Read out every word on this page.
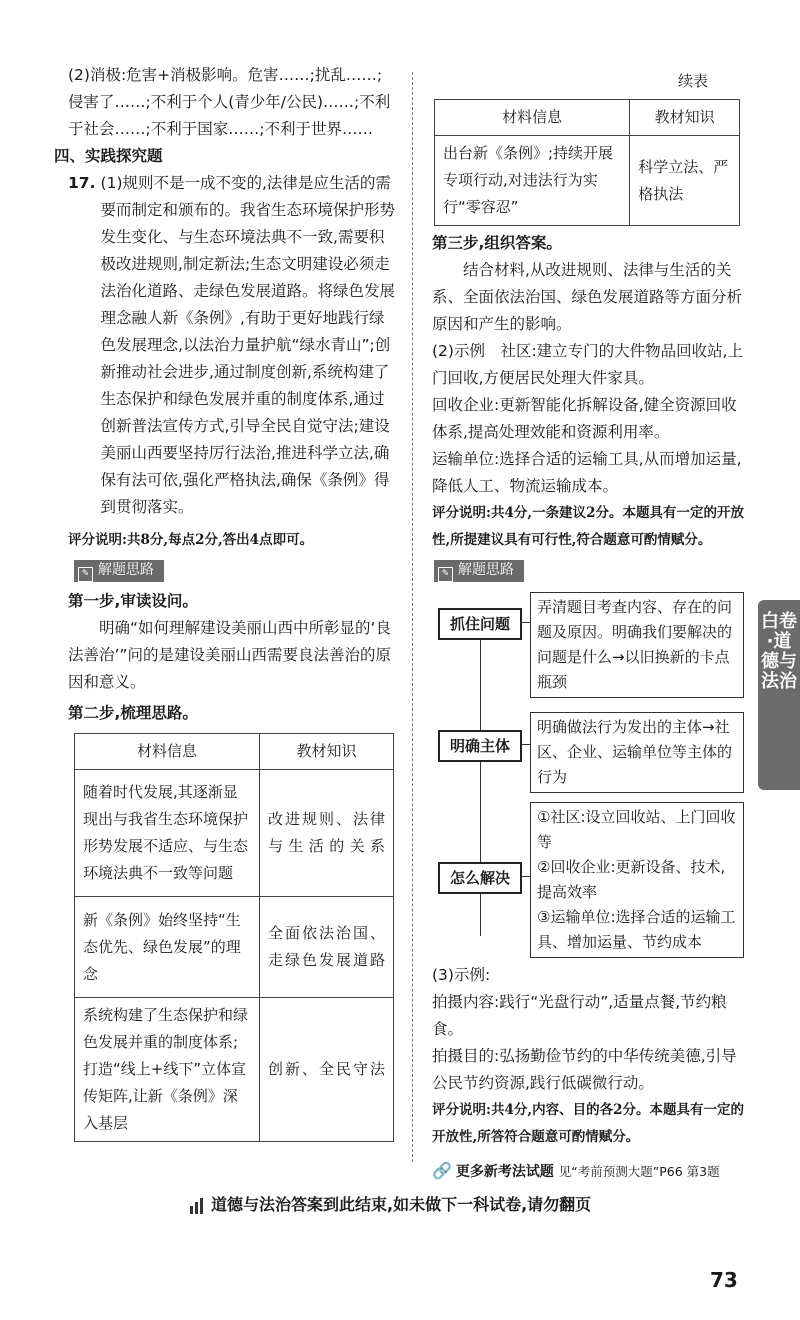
(2)消极:危害+消极影响。危害……;扰乱……;侵害了……;不利于个人(青少年/公民)……;不利于社会……;不利于国家……;不利于世界……

四、实践探究题

17. (1)规则不是一成不变的,法律是应生活的需要而制定和颁布的。我省生态环境保护形势发生变化、与生态环境法典不一致,需要积极改进规则,制定新法;生态文明建设必须走法治化道路、走绿色发展道路。将绿色发展理念融人新《条例》,有助于更好地践行绿色发展理念,以法治力量护航“绿水青山”;创新推动社会进步,通过制度创新,系统构建了生态保护和绿色发展并重的制度体系,通过创新普法宣传方式,引导全民自觉守法;建设美丽山西要坚持厉行法治,推进科学立法,确保有法可依,强化严格执法,确保《条例》得到贯彻落实。

评分说明:共8分,每点2分,答出4点即可。

✎ 解题思路

第一步,审读设问。

明确“如何理解建设美丽山西中所彰显的‘良法善治’”问的是建设美丽山西需要良法善治的原因和意义。

第二步,梳理思路。

材料信息	教材知识
随着时代发展,其逐渐显现出与我省生态环境保护形势发展不适应、与生态环境法典不一致等问题	改进规则、法律与生活的关系
新《条例》始终坚持“生态优先、绿色发展”的理念	全面依法治国、走绿色发展道路
系统构建了生态保护和绿色发展并重的制度体系;打造“线上+线下”立体宣传矩阵,让新《条例》深入基层	创新、全民守法
续表
材料信息	教材知识
出台新《条例》;持续开展专项行动,对违法行为实行“零容忍”	科学立法、严格执法

第三步,组织答案。

结合材料,从改进规则、法律与生活的关系、全面依法治国、绿色发展道路等方面分析原因和产生的影响。

(2)示例　社区:建立专门的大件物品回收站,上门回收,方便居民处理大件家具。

回收企业:更新智能化拆解设备,健全资源回收体系,提高处理效能和资源利用率。

运输单位:选择合适的运输工具,从而增加运量,降低人工、物流运输成本。

评分说明:共4分,一条建议2分。本题具有一定的开放性,所提建议具有可行性,符合题意可酌情赋分。

✎ 解题思路
抓住问题
弄清题目考查内容、存在的问题及原因。明确我们要解决的问题是什么→以旧换新的卡点瓶颈
明确主体
明确做法行为发出的主体→社区、企业、运输单位等主体的行为
怎么解决
①社区:设立回收站、上门回收等
②回收企业:更新设备、技术,提高效率
③运输单位:选择合适的运输工具、增加运量、节约成本

(3)示例:

拍摄内容:践行“光盘行动”,适量点餐,节约粮食。

拍摄目的:弘扬勤俭节约的中华传统美德,引导公民节约资源,践行低碳微行动。

评分说明:共4分,内容、目的各2分。本题具有一定的开放性,所答符合题意可酌情赋分。

🔗 更多新考法试题 见“考前预测大题”P66 第3题
白卷·道德与法治
道德与法治答案到此结束,如未做下一科试卷,请勿翻页
73
